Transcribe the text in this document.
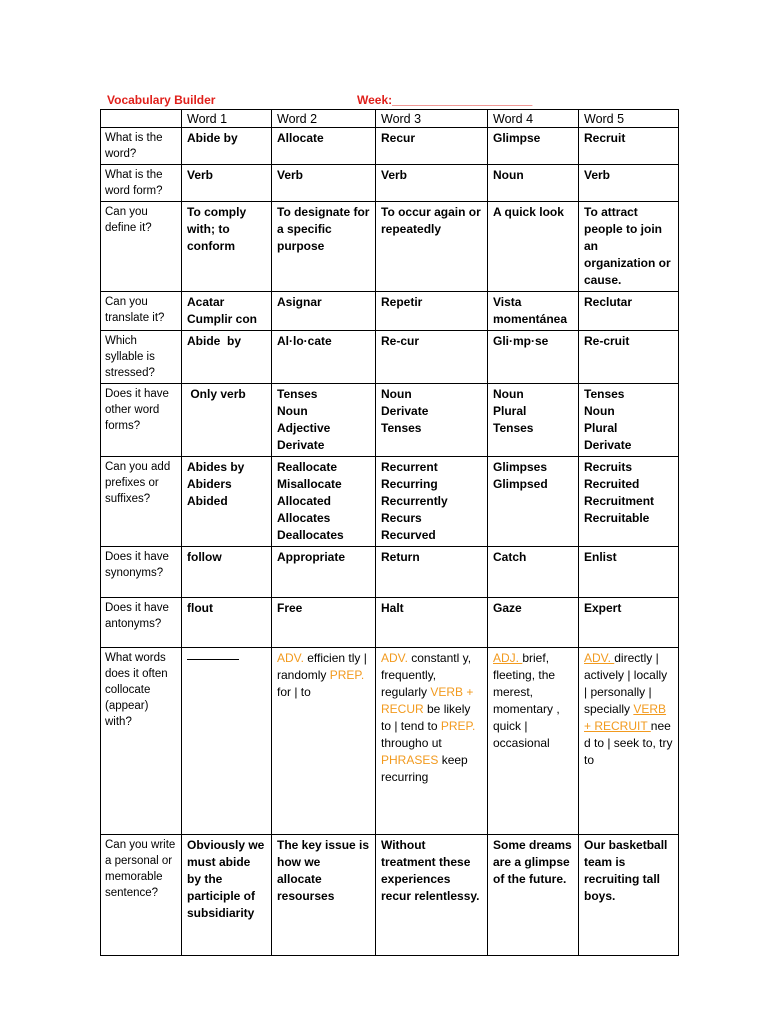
Vocabulary Builder	Week:_____________________
	Word 1	Word 2	Word 3	Word 4	Word 5
What is the word?	Abide by	Allocate	Recur	Glimpse	Recruit

What is the word form?	Verb	Verb	Verb	Noun	Verb

Can you define it?	To comply
with; to
conform	To designate for
a specific
purpose	To occur again or
repeatedly	A quick look	To attract
people to join
an
organization or
cause.

Can you translate it?	Acatar
Cumplir con	Asignar	Repetir	Vista
momentánea	Reclutar

Which syllable is stressed?	Abide  by	Al·lo·cate	Re-cur	Gli·mp·se	Re-cruit

Does it have other word forms?	Only verb	Tenses
Noun
Adjective
Derivate	Noun
Derivate
Tenses	Noun
Plural
Tenses	Tenses
Noun
Plural
Derivate

Can you add prefixes or suffixes?	Abides by
Abiders
Abided	Reallocate
Misallocate
Allocated
Allocates
Deallocates	Recurrent
Recurring
Recurrently
Recurs
Recurved	Glimpses
Glimpsed	Recruits
Recruited
Recruitment
Recruitable

Does it have synonyms?	follow	Appropriate	Return	Catch	Enlist

Does it have antonyms?	flout	Free	Halt	Gaze	Expert

What words does it often collocate (appear) with?		ADV. efficien tly | randomly PREP. for | to	ADV. constantl y, frequently, regularly VERB + RECUR be likely to | tend to PREP. througho ut PHRASES keep recurring	ADJ. brief, fleeting, the merest, momentary , quick | occasional	ADV. directly | actively | locally | personally | specially VERB + RECRUIT nee d to | seek to, try to
Can you write a personal or memorable sentence?	Obviously we
must abide
by the
participle of
subsidiarity	The key issue is
how we
allocate
resourses	Without
treatment these
experiences
recur relentlessy.	Some dreams
are a glimpse
of the future.	Our basketball
team is
recruiting tall
boys.
